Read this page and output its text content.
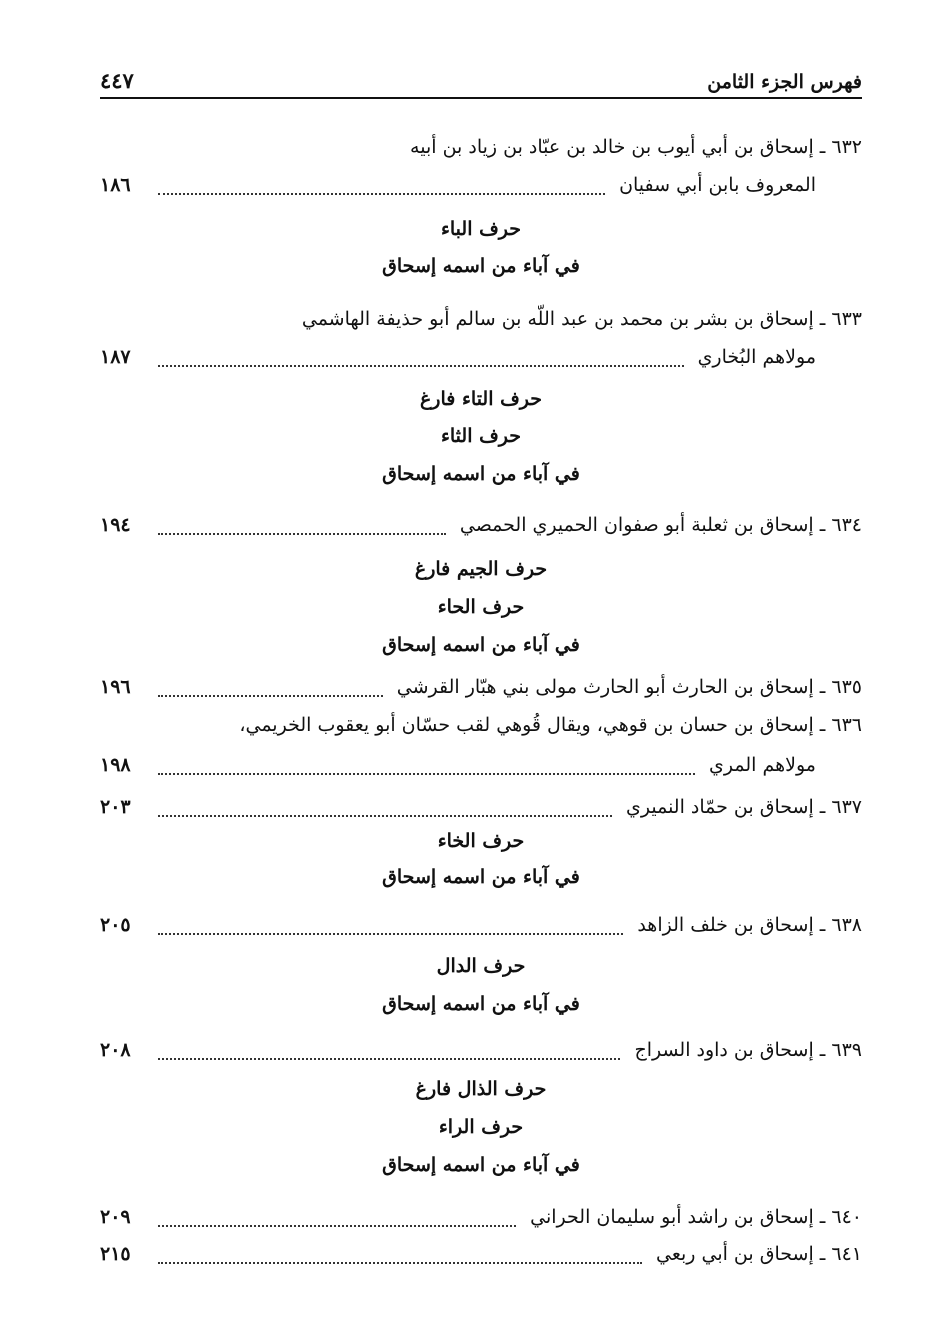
٤٤٧	فهرس الجزء الثامن
٦٣٢ ـ إسحاق بن أبي أيوب بن خالد بن عبّاد بن زياد بن أبيه
المعروف بابن أبي سفيان
١٨٦
حرف الباء
في آباء من اسمه إسحاق
٦٣٣ ـ إسحاق بن بشر بن محمد بن عبد اللّه بن سالم أبو حذيفة الهاشمي
مولاهم البُخاري
١٨٧
حرف التاء فارغ
حرف الثاء
في آباء من اسمه إسحاق
٦٣٤ ـ إسحاق بن ثعلبة أبو صفوان الحميري الحمصي
١٩٤
حرف الجيم فارغ
حرف الحاء
في آباء من اسمه إسحاق
٦٣٥ ـ إسحاق بن الحارث أبو الحارث مولى بني هبّار القرشي
١٩٦
٦٣٦ ـ إسحاق بن حسان بن قوهي، ويقال قُوهي لقب حسّان أبو يعقوب الخريمي،
مولاهم المري
١٩٨
٦٣٧ ـ إسحاق بن حمّاد النميري
٢٠٣
حرف الخاء
في آباء من اسمه إسحاق
٦٣٨ ـ إسحاق بن خلف الزاهد
٢٠٥
حرف الدال
في آباء من اسمه إسحاق
٦٣٩ ـ إسحاق بن داود السراج
٢٠٨
حرف الذال فارغ
حرف الراء
في آباء من اسمه إسحاق
٦٤٠ ـ إسحاق بن راشد أبو سليمان الحراني
٢٠٩
٦٤١ ـ إسحاق بن أبي ربعي
٢١٥
